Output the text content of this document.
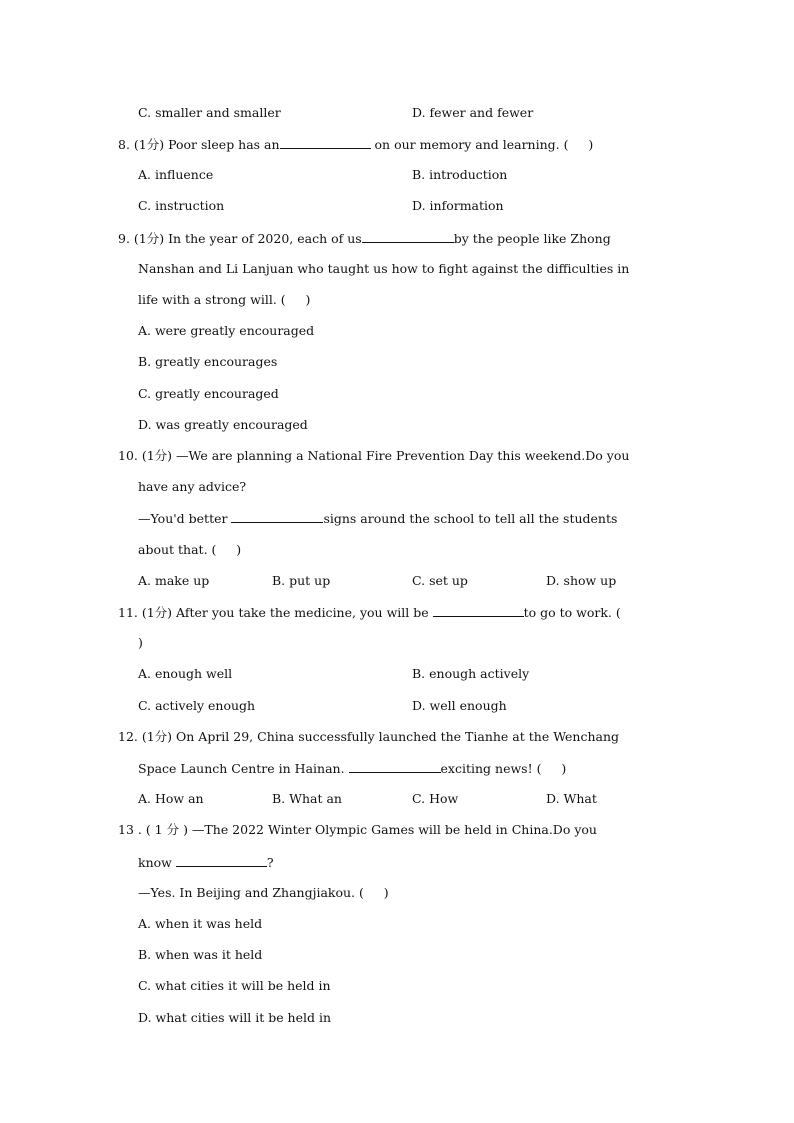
C. smaller and smaller	D. fewer and fewer
8. (1分) Poor sleep has an	on our memory and learning. (     )
A. influence	B. introduction
C. instruction	D. information
9. (1分) In the year of 2020, each of us	by the people like Zhong
Nanshan and Li Lanjuan who taught us how to fight against the difficulties in
life with a strong will. (     )
A. were greatly encouraged
B. greatly encourages
C. greatly encouraged
D. was greatly encouraged
10. (1分) —We are planning a National Fire Prevention Day this weekend.Do you
have any advice?
—You'd better	signs around the school to tell all the students
about that. (     )
A. make up	B. put up	C. set up	D. show up
11. (1分) After you take the medicine, you will be	to go to work. (
)
A. enough well	B. enough actively
C. actively enough	D. well enough
12. (1分) On April 29, China successfully launched the Tianhe at the Wenchang
Space Launch Centre in Hainan.	exciting news! (     )
A. How an	B. What an	C. How	D. What
13 . ( 1 分 ) —The 2022 Winter Olympic Games will be held in China.Do you
know	?
—Yes. In Beijing and Zhangjiakou. (     )
A. when it was held
B. when was it held
C. what cities it will be held in
D. what cities will it be held in
